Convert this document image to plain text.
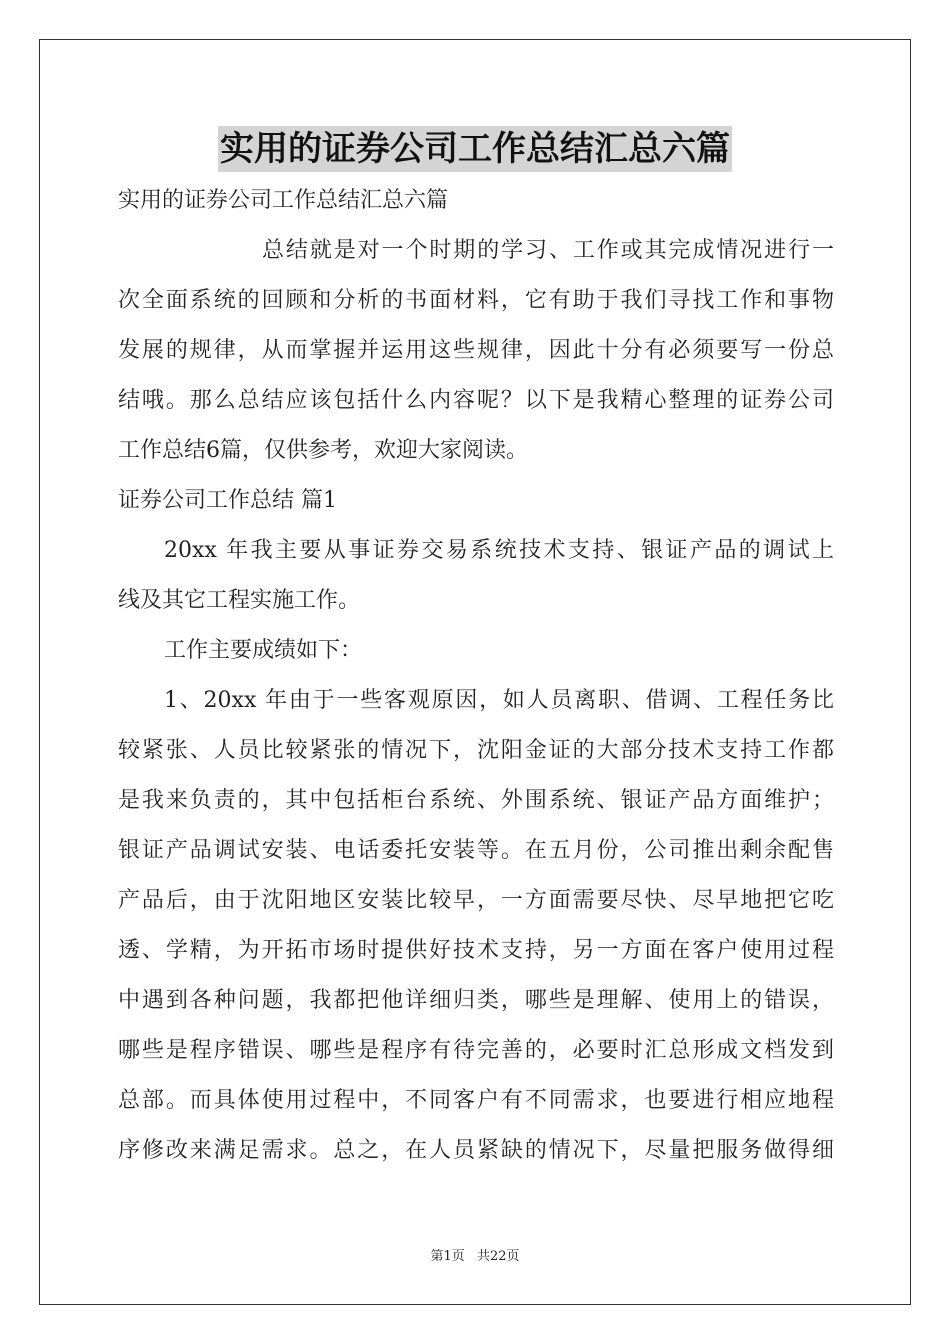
实用的证券公司工作总结汇总六篇

实用的证券公司工作总结汇总六篇

总结就是对一个时期的学习、工作或其完成情况进行一

次全面系统的回顾和分析的书面材料，它有助于我们寻找工作和事物

发展的规律，从而掌握并运用这些规律，因此十分有必须要写一份总

结哦。那么总结应该包括什么内容呢？以下是我精心整理的证券公司

工作总结6篇，仅供参考，欢迎大家阅读。

证券公司工作总结 篇1

20xx 年我主要从事证券交易系统技术支持、银证产品的调试上

线及其它工程实施工作。

工作主要成绩如下：

1、20xx 年由于一些客观原因，如人员离职、借调、工程任务比

较紧张、人员比较紧张的情况下，沈阳金证的大部分技术支持工作都

是我来负责的，其中包括柜台系统、外围系统、银证产品方面维护；

银证产品调试安装、电话委托安装等。在五月份，公司推出剩余配售

产品后，由于沈阳地区安装比较早，一方面需要尽快、尽早地把它吃

透、学精，为开拓市场时提供好技术支持，另一方面在客户使用过程

中遇到各种问题，我都把他详细归类，哪些是理解、使用上的错误，

哪些是程序错误、哪些是程序有待完善的，必要时汇总形成文档发到

总部。而具体使用过程中，不同客户有不同需求，也要进行相应地程

序修改来满足需求。总之，在人员紧缺的情况下，尽量把服务做得细

第1页 共22页
